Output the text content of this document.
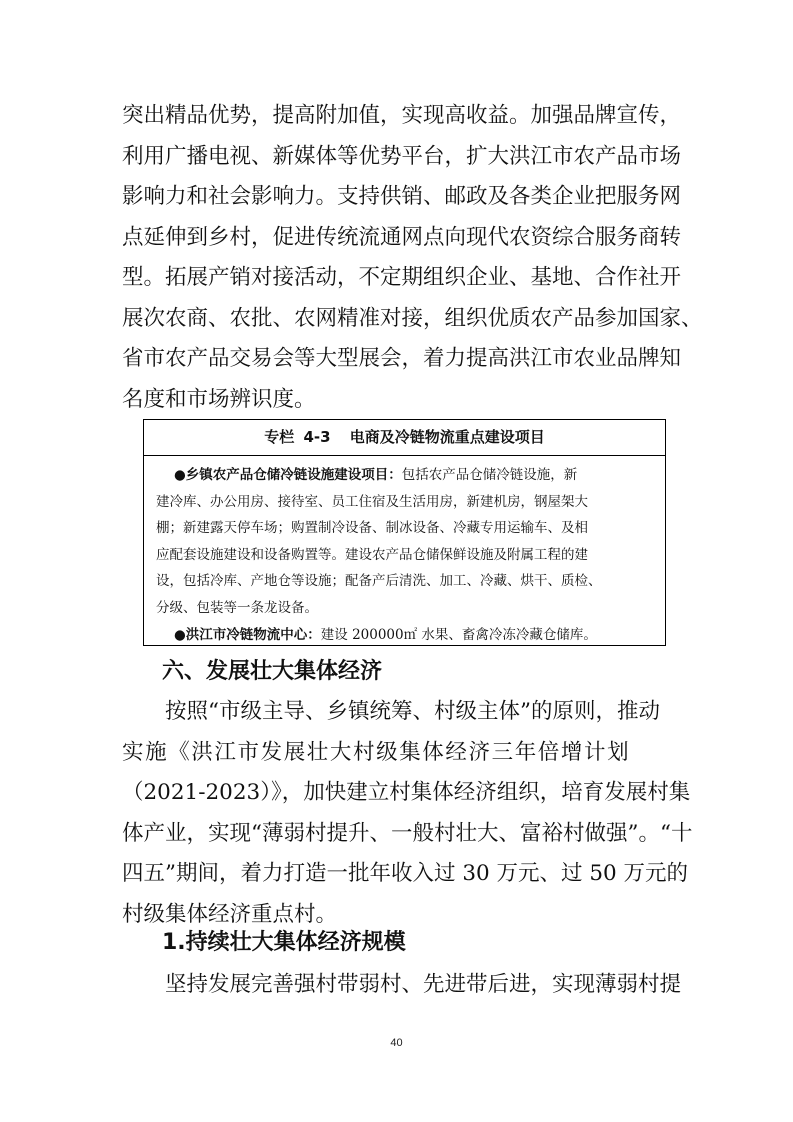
突出精品优势，提高附加值，实现高收益。加强品牌宣传，
利用广播电视、新媒体等优势平台，扩大洪江市农产品市场
影响力和社会影响力。支持供销、邮政及各类企业把服务网
点延伸到乡村，促进传统流通网点向现代农资综合服务商转
型。拓展产销对接活动，不定期组织企业、基地、合作社开
展次农商、农批、农网精准对接，组织优质农产品参加国家、
省市农产品交易会等大型展会，着力提高洪江市农业品牌知
名度和市场辨识度。
专栏 4-3 电商及冷链物流重点建设项目
●乡镇农产品仓储冷链设施建设项目：包括农产品仓储冷链设施，新
建冷库、办公用房、接待室、员工住宿及生活用房，新建机房，钢屋架大
棚；新建露天停车场；购置制冷设备、制冰设备、冷藏专用运输车、及相
应配套设施建设和设备购置等。建设农产品仓储保鲜设施及附属工程的建
设，包括冷库、产地仓等设施；配备产后清洗、加工、冷藏、烘干、质检、
分级、包装等一条龙设备。
●洪江市冷链物流中心：建设 200000㎡ 水果、畜禽冷冻冷藏仓储库。
六、发展壮大集体经济
按照“市级主导、乡镇统筹、村级主体”的原则，推动
实施《洪江市发展壮大村级集体经济三年倍增计划
（2021-2023）》，加快建立村集体经济组织，培育发展村集
体产业，实现“薄弱村提升、一般村壮大、富裕村做强”。“十
四五”期间，着力打造一批年收入过 30 万元、过 50 万元的
村级集体经济重点村。
1.持续壮大集体经济规模
坚持发展完善强村带弱村、先进带后进，实现薄弱村提
40
